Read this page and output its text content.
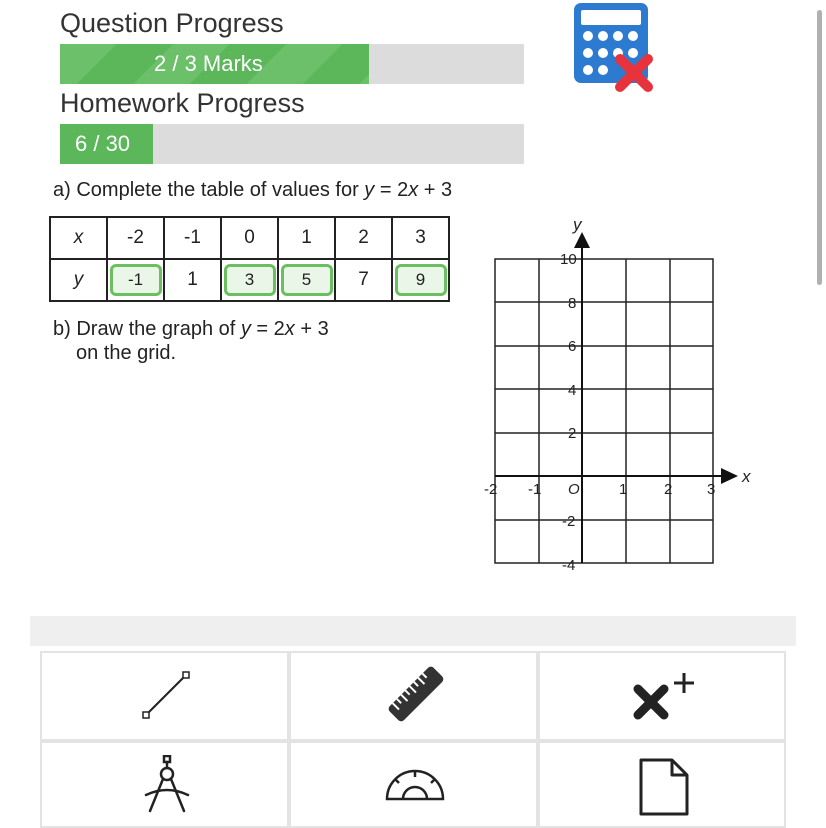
Question Progress
2 / 3 Marks
Homework Progress
6 / 30
a) Complete the table of values for y = 2x + 3
x	-2	-1	0	1	2	3
y	-1	1	3	5	7	9
b) Draw the graph of y = 2x + 3
on the grid.
y
x
-2 -1 O	1 2 3
10
8
6
4
2
-2
-4
